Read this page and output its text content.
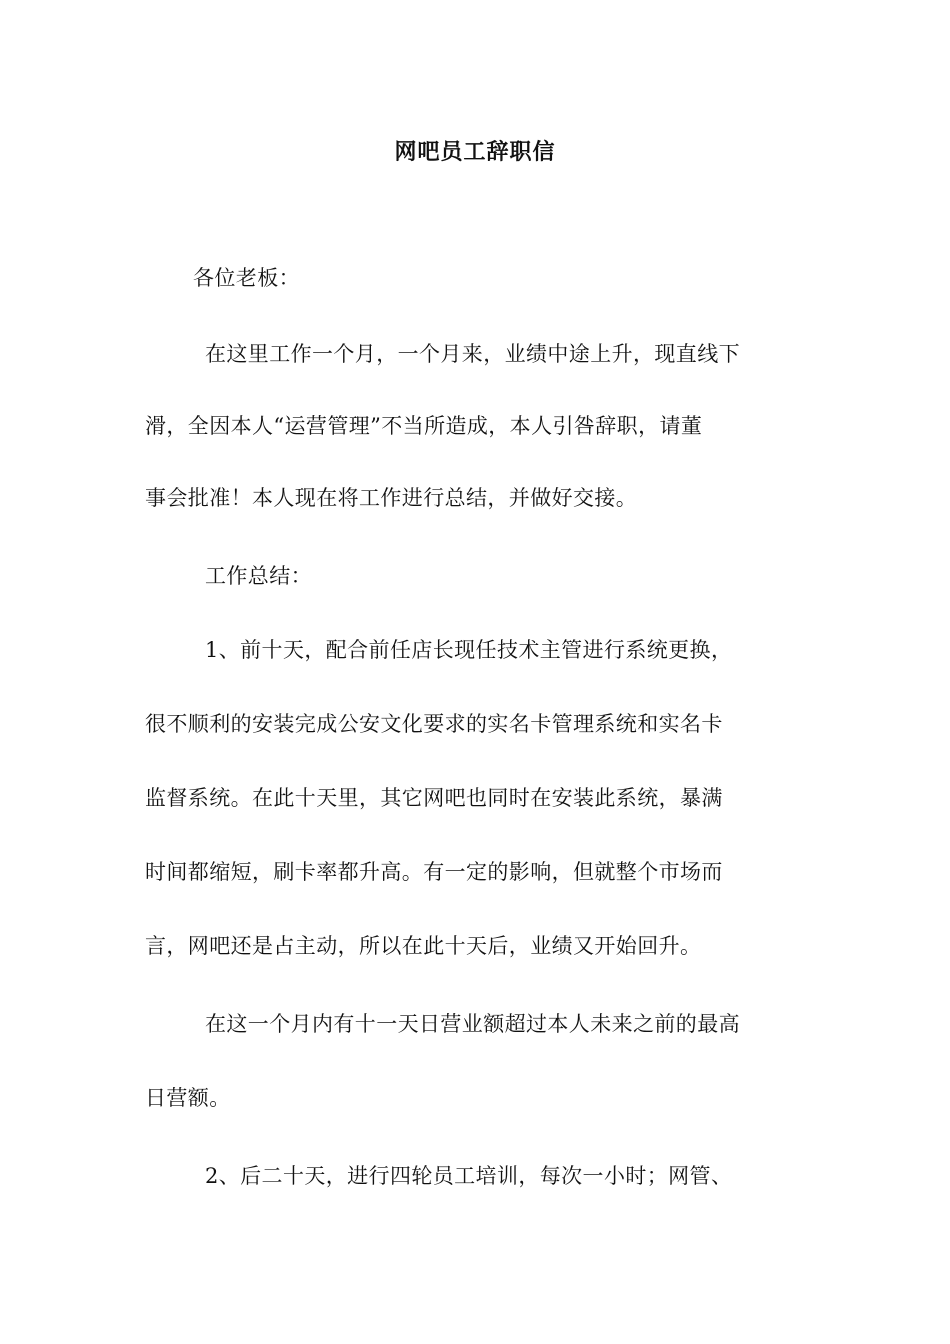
网吧员工辞职信
各位老板：
在这里工作一个月，一个月来，业绩中途上升，现直线下
滑，全因本人“运营管理”不当所造成，本人引咎辞职，请董
事会批准！本人现在将工作进行总结，并做好交接。
工作总结：
1、前十天，配合前任店长现任技术主管进行系统更换，
很不顺利的安装完成公安文化要求的实名卡管理系统和实名卡
监督系统。在此十天里，其它网吧也同时在安装此系统，暴满
时间都缩短，刷卡率都升高。有一定的影响，但就整个市场而
言，网吧还是占主动，所以在此十天后，业绩又开始回升。
在这一个月内有十一天日营业额超过本人未来之前的最高
日营额。
2、后二十天，进行四轮员工培训，每次一小时；网管、
